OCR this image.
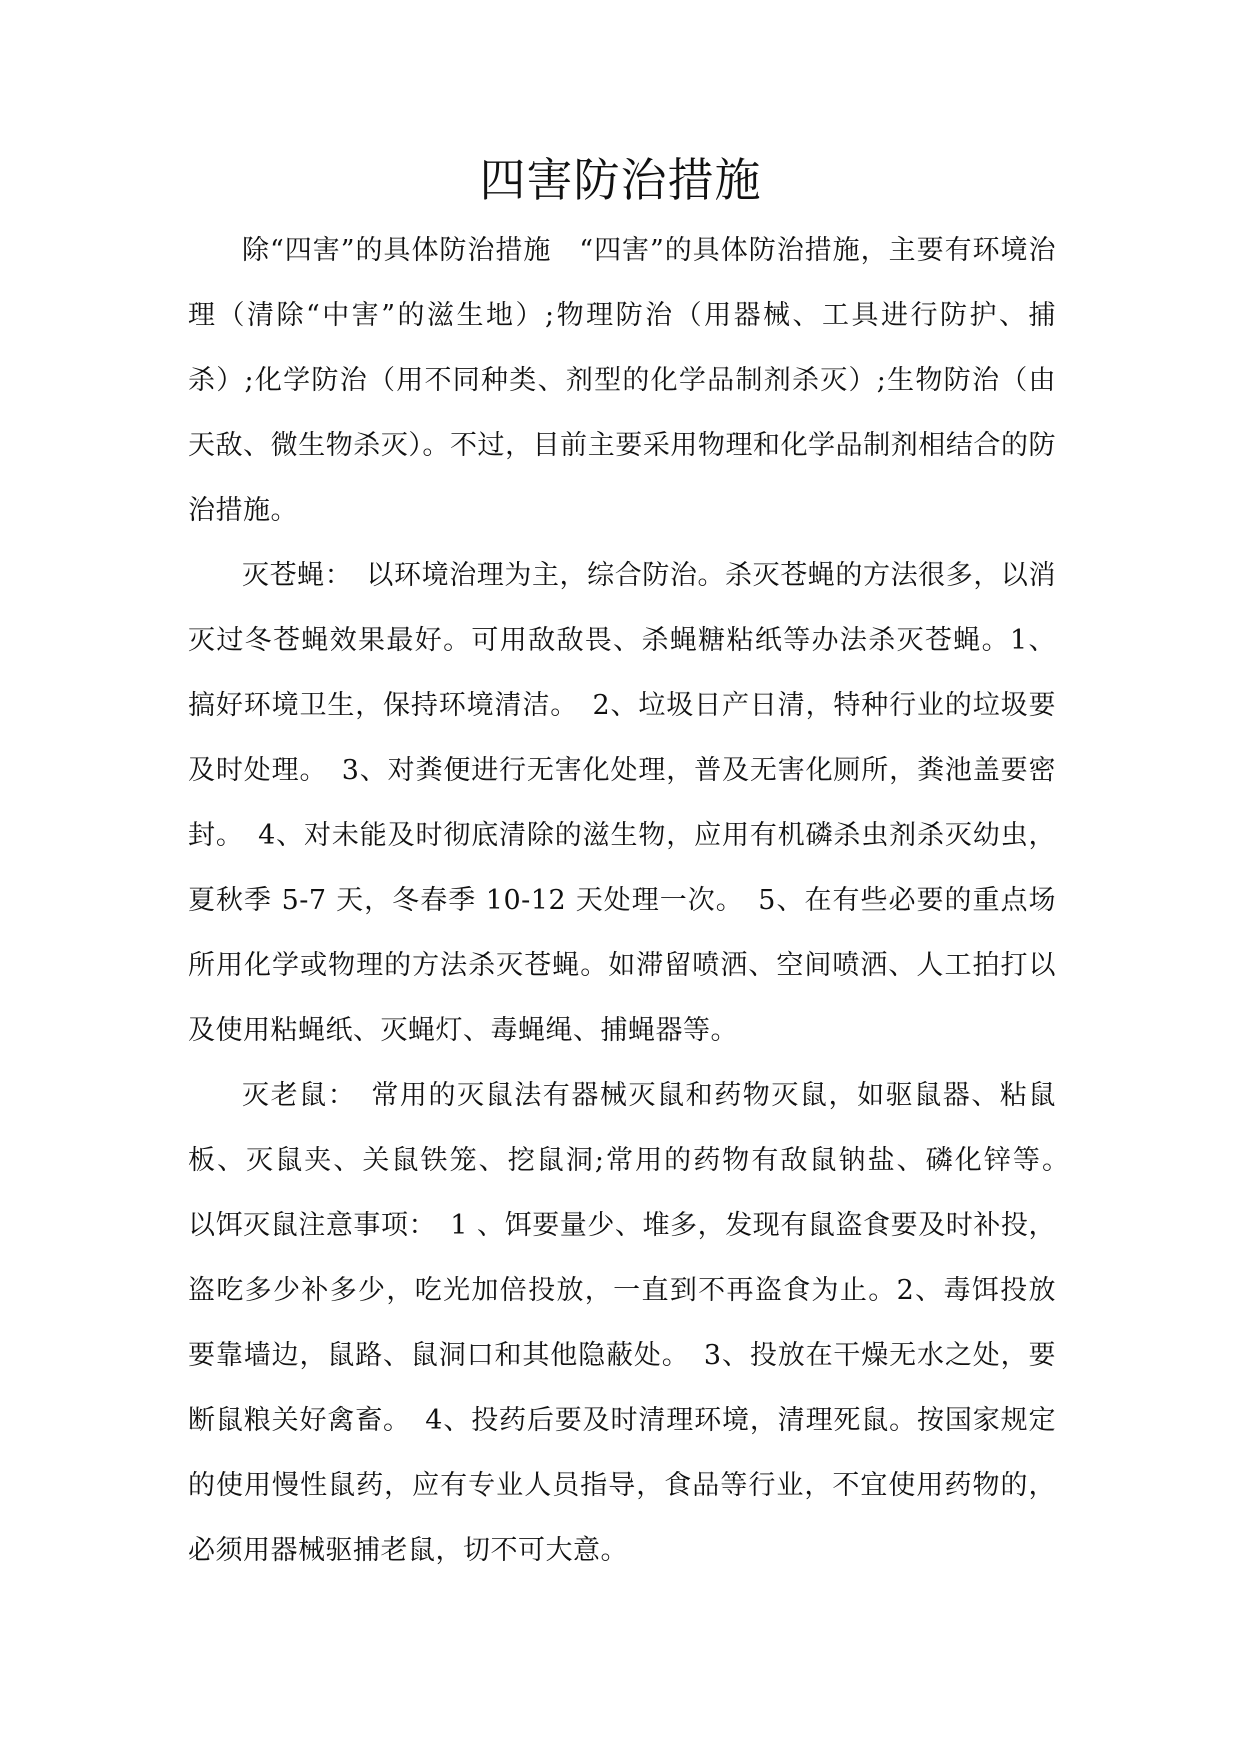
四害防治措施

除“四害”的具体防治措施　“四害”的具体防治措施，主要有环境治理（清除“中害”的滋生地）;物理防治（用器械、工具进行防护、捕杀）;化学防治（用不同种类、剂型的化学品制剂杀灭）;生物防治（由天敌、微生物杀灭）。不过，目前主要采用物理和化学品制剂相结合的防治措施。

灭苍蝇：　以环境治理为主，综合防治。杀灭苍蝇的方法很多，以消灭过冬苍蝇效果最好。可用敌敌畏、杀蝇糖粘纸等办法杀灭苍蝇。1、搞好环境卫生，保持环境清洁。　2、垃圾日产日清，特种行业的垃圾要及时处理。　3、对粪便进行无害化处理，普及无害化厕所，粪池盖要密封。　4、对未能及时彻底清除的滋生物，应用有机磷杀虫剂杀灭幼虫，夏秋季 5-7 天，冬春季 10-12 天处理一次。　5、在有些必要的重点场所用化学或物理的方法杀灭苍蝇。如滞留喷洒、空间喷洒、人工拍打以及使用粘蝇纸、灭蝇灯、毒蝇绳、捕蝇器等。

灭老鼠：　常用的灭鼠法有器械灭鼠和药物灭鼠，如驱鼠器、粘鼠板、灭鼠夹、关鼠铁笼、挖鼠洞;常用的药物有敌鼠钠盐、磷化锌等。　以饵灭鼠注意事项：　1 、饵要量少、堆多，发现有鼠盗食要及时补投，盗吃多少补多少，吃光加倍投放，一直到不再盗食为止。2、毒饵投放要靠墙边，鼠路、鼠洞口和其他隐蔽处。　3、投放在干燥无水之处，要断鼠粮关好禽畜。　4、投药后要及时清理环境，清理死鼠。按国家规定的使用慢性鼠药，应有专业人员指导，食品等行业，不宜使用药物的，必须用器械驱捕老鼠，切不可大意。
